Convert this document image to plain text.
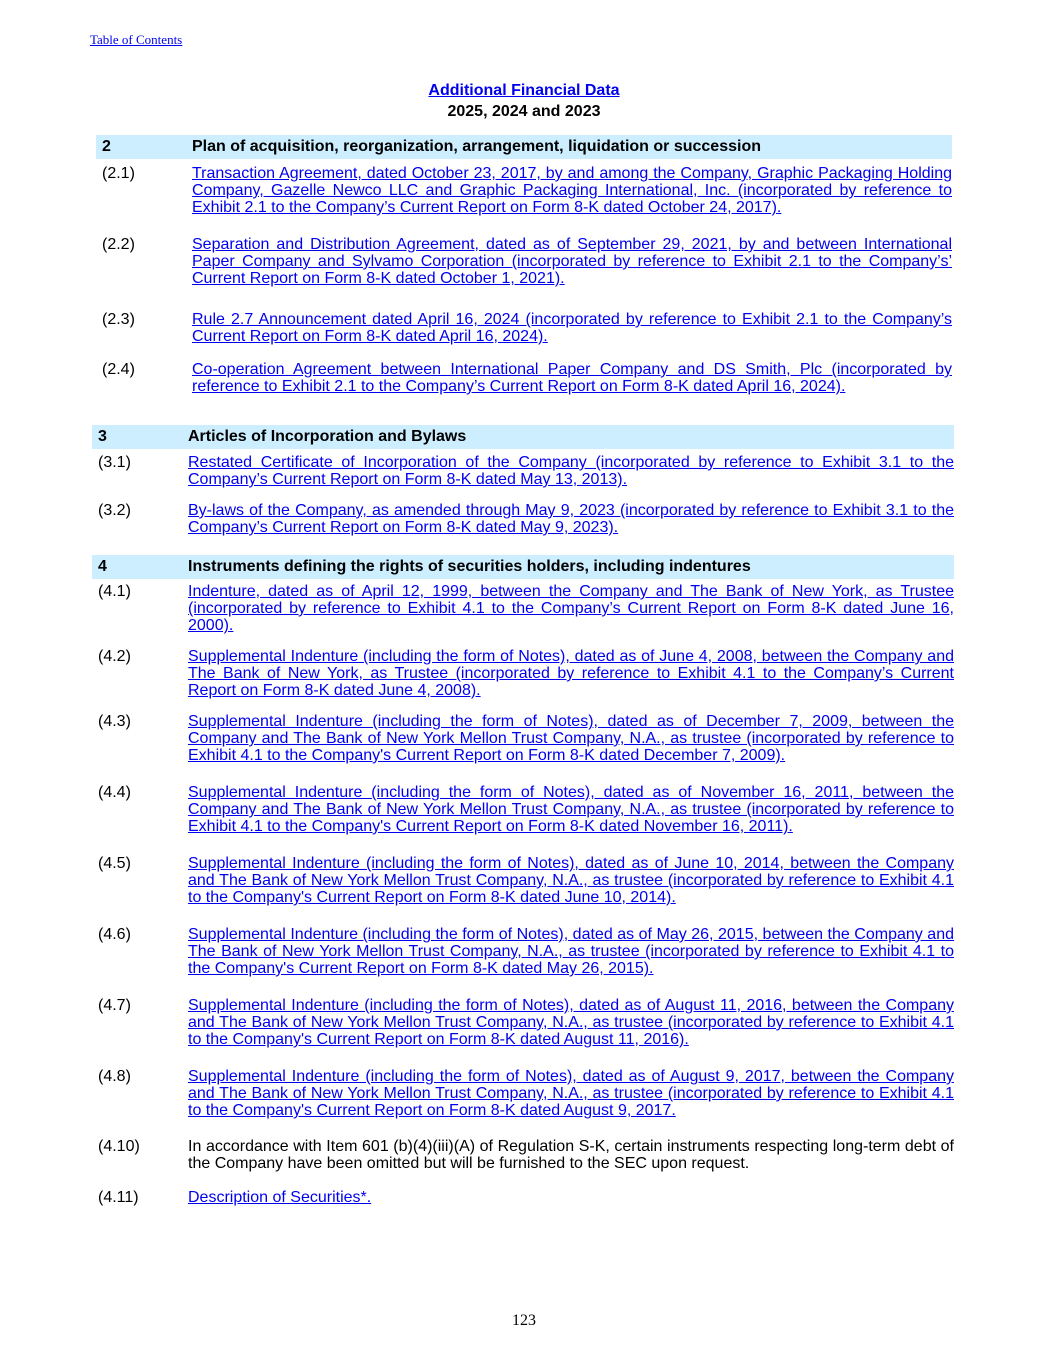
Table of Contents
Additional Financial Data
2025, 2024 and 2023
2	Plan of acquisition, reorganization, arrangement, liquidation or succession
(2.1)	Transaction Agreement, dated October 23, 2017, by and among the Company, Graphic Packaging Holding Company, Gazelle Newco LLC and Graphic Packaging International, Inc. (incorporated by reference to Exhibit 2.1 to the Company’s Current Report on Form 8-K dated October 24, 2017).
(2.2)	Separation and Distribution Agreement, dated as of September 29, 2021, by and between International Paper Company and Sylvamo Corporation (incorporated by reference to Exhibit 2.1 to the Company’s’ Current Report on Form 8-K dated October 1, 2021).
(2.3)	Rule 2.7 Announcement dated April 16, 2024 (incorporated by reference to Exhibit 2.1 to the Company’s Current Report on Form 8-K dated April 16, 2024).
(2.4)	Co-operation Agreement between International Paper Company and DS Smith, Plc (incorporated by reference to Exhibit 2.1 to the Company’s Current Report on Form 8-K dated April 16, 2024).
3	Articles of Incorporation and Bylaws
(3.1)	Restated Certificate of Incorporation of the Company (incorporated by reference to Exhibit 3.1 to the Company’s Current Report on Form 8-K dated May 13, 2013).
(3.2)	By-laws of the Company, as amended through May 9, 2023 (incorporated by reference to Exhibit 3.1 to the Company’s Current Report on Form 8-K dated May 9, 2023).
4	Instruments defining the rights of securities holders, including indentures
(4.1)	Indenture, dated as of April 12, 1999, between the Company and The Bank of New York, as Trustee (incorporated by reference to Exhibit 4.1 to the Company’s Current Report on Form 8-K dated June 16, 2000).
(4.2)	Supplemental Indenture (including the form of Notes), dated as of June 4, 2008, between the Company and The Bank of New York, as Trustee (incorporated by reference to Exhibit 4.1 to the Company’s Current Report on Form 8-K dated June 4, 2008).
(4.3)	Supplemental Indenture (including the form of Notes), dated as of December 7, 2009, between the Company and The Bank of New York Mellon Trust Company, N.A., as trustee (incorporated by reference to Exhibit 4.1 to the Company's Current Report on Form 8-K dated December 7, 2009).
(4.4)	Supplemental Indenture (including the form of Notes), dated as of November 16, 2011, between the Company and The Bank of New York Mellon Trust Company, N.A., as trustee (incorporated by reference to Exhibit 4.1 to the Company's Current Report on Form 8-K dated November 16, 2011).
(4.5)	Supplemental Indenture (including the form of Notes), dated as of June 10, 2014, between the Company and The Bank of New York Mellon Trust Company, N.A., as trustee (incorporated by reference to Exhibit 4.1 to the Company's Current Report on Form 8-K dated June 10, 2014).
(4.6)	Supplemental Indenture (including the form of Notes), dated as of May 26, 2015, between the Company and The Bank of New York Mellon Trust Company, N.A., as trustee (incorporated by reference to Exhibit 4.1 to the Company's Current Report on Form 8-K dated May 26, 2015).
(4.7)	Supplemental Indenture (including the form of Notes), dated as of August 11, 2016, between the Company and The Bank of New York Mellon Trust Company, N.A., as trustee (incorporated by reference to Exhibit 4.1 to the Company's Current Report on Form 8-K dated August 11, 2016).
(4.8)	Supplemental Indenture (including the form of Notes), dated as of August 9, 2017, between the Company and The Bank of New York Mellon Trust Company, N.A., as trustee (incorporated by reference to Exhibit 4.1 to the Company's Current Report on Form 8-K dated August 9, 2017.
(4.10)	In accordance with Item 601 (b)(4)(iii)(A) of Regulation S-K, certain instruments respecting long-term debt of the Company have been omitted but will be furnished to the SEC upon request.
(4.11)	Description of Securities*.
123
